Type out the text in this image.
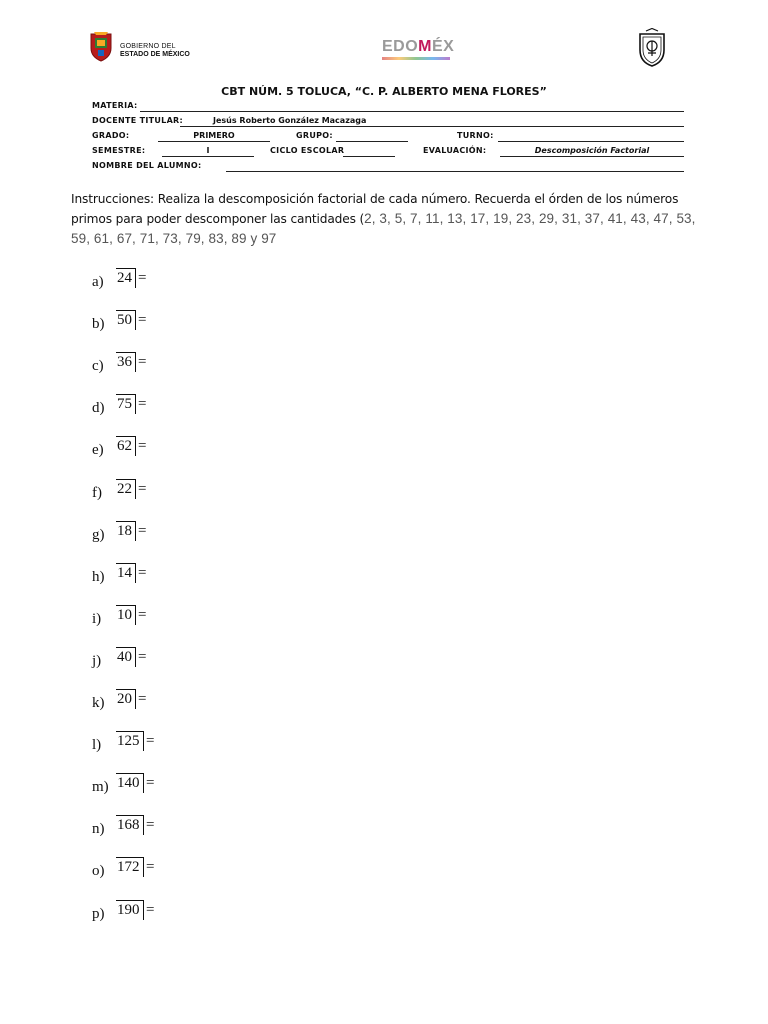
GOBIERNO DEL
ESTADO DE MÉXICO	EDOMÉX
CBT NÚM. 5 TOLUCA, “C. P. ALBERTO MENA FLORES”
MATERIA:
DOCENTE TITULAR:	Jesús Roberto González Macazaga
GRADO:	PRIMERO	GRUPO:	TURNO:
SEMESTRE:	I	CICLO ESCOLAR	EVALUACIÓN:	Descomposición Factorial
NOMBRE DEL ALUMNO:
Instrucciones: Realiza la descomposición factorial de cada número. Recuerda el órden de los números primos para poder descomponer las cantidades (2, 3, 5, 7, 11, 13, 17, 19, 23, 29, 31, 37, 41, 43, 47, 53, 59, 61, 67, 71, 73, 79, 83, 89 y 97
a) 24 =
b) 50 =
c) 36 =
d) 75 =
e) 62 =
f)	22 =
g) 18 =
h) 14 =
i)	10 =
j)	40 =
k) 20 =
l)	125 =
m) 140 =
n) 168 =
o) 172 =
p) 190 =
